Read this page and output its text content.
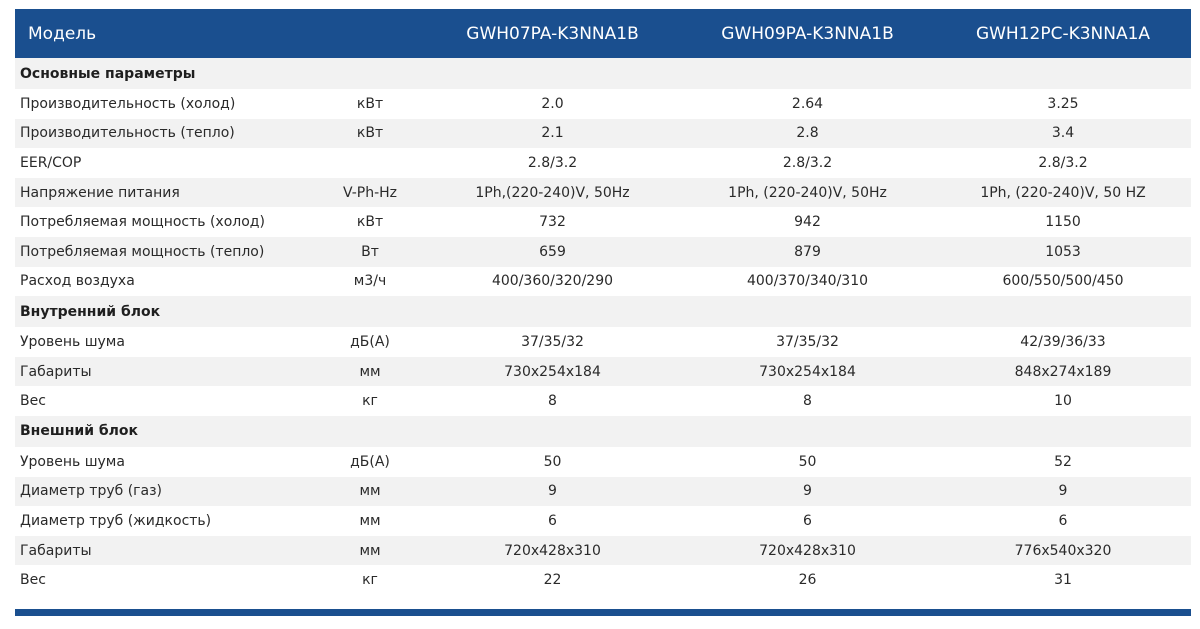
Модель		GWH07PA-K3NNA1B	GWH09PA-K3NNA1B	GWH12PC-K3NNA1A
Основные параметры				
Производительность (холод)	кВт	2.0	2.64	3.25
Производительность (тепло)	кВт	2.1	2.8	3.4
EER/COP		2.8/3.2	2.8/3.2	2.8/3.2
Напряжение питания	V-Ph-Hz	1Ph,(220-240)V, 50Hz	1Ph, (220-240)V, 50Hz	1Ph, (220-240)V, 50 HZ
Потребляемая мощность (холод)	кВт	732	942	1150
Потребляемая мощность (тепло)	Вт	659	879	1053
Расход воздуха	м3/ч	400/360/320/290	400/370/340/310	600/550/500/450
Внутренний блок				
Уровень шума	дБ(А)	37/35/32	37/35/32	42/39/36/33
Габариты	мм	730х254х184	730х254х184	848х274х189
Вес	кг	8	8	10
Внешний блок				
Уровень шума	дБ(А)	50	50	52
Диаметр труб (газ)	мм	9	9	9
Диаметр труб (жидкость)	мм	6	6	6
Габариты	мм	720х428х310	720х428х310	776х540х320
Вес	кг	22	26	31
